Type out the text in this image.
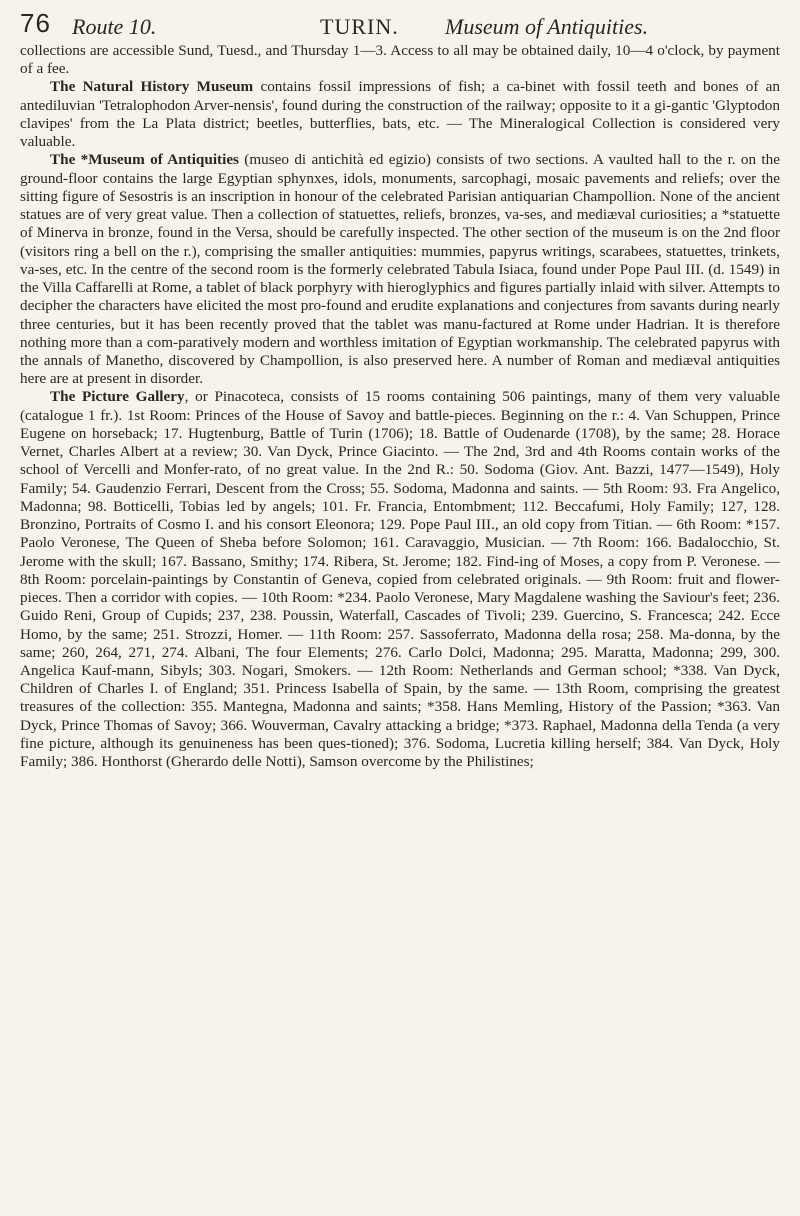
76 Route 10.	TURIN. Museum of Antiquities.

collections are accessible Sund, Tuesd., and Thursday 1—3. Access to all may be obtained daily, 10—4 o'clock, by payment of a fee.

The Natural History Museum contains fossil impressions of fish; a ca-binet with fossil teeth and bones of an antediluvian 'Tetralophodon Arver-nensis', found during the construction of the railway; opposite to it a gi-gantic 'Glyptodon clavipes' from the La Plata district; beetles, butterflies, bats, etc. — The Mineralogical Collection is considered very valuable.

The *Museum of Antiquities (museo di antichità ed egizio) consists of two sections. A vaulted hall to the r. on the ground-floor contains the large Egyptian sphynxes, idols, monuments, sarcophagi, mosaic pavements and reliefs; over the sitting figure of Sesostris is an inscription in honour of the celebrated Parisian antiquarian Champollion. None of the ancient statues are of very great value. Then a collection of statuettes, reliefs, bronzes, va-ses, and mediæval curiosities; a *statuette of Minerva in bronze, found in the Versa, should be carefully inspected. The other section of the museum is on the 2nd floor (visitors ring a bell on the r.), comprising the smaller antiquities: mummies, papyrus writings, scarabees, statuettes, trinkets, va-ses, etc. In the centre of the second room is the formerly celebrated Tabula Isiaca, found under Pope Paul III. (d. 1549) in the Villa Caffarelli at Rome, a tablet of black porphyry with hieroglyphics and figures partially inlaid with silver. Attempts to decipher the characters have elicited the most pro-found and erudite explanations and conjectures from savants during nearly three centuries, but it has been recently proved that the tablet was manu-factured at Rome under Hadrian. It is therefore nothing more than a com-paratively modern and worthless imitation of Egyptian workmanship. The celebrated papyrus with the annals of Manetho, discovered by Champollion, is also preserved here. A number of Roman and mediæval antiquities here are at present in disorder.

The Picture Gallery, or Pinacoteca, consists of 15 rooms containing 506 paintings, many of them very valuable (catalogue 1 fr.). 1st Room: Princes of the House of Savoy and battle-pieces. Beginning on the r.: 4. Van Schuppen, Prince Eugene on horseback; 17. Hugtenburg, Battle of Turin (1706); 18. Battle of Oudenarde (1708), by the same; 28. Horace Vernet, Charles Albert at a review; 30. Van Dyck, Prince Giacinto. — The 2nd, 3rd and 4th Rooms contain works of the school of Vercelli and Monfer-rato, of no great value. In the 2nd R.: 50. Sodoma (Giov. Ant. Bazzi, 1477—1549), Holy Family; 54. Gaudenzio Ferrari, Descent from the Cross; 55. Sodoma, Madonna and saints. — 5th Room: 93. Fra Angelico, Madonna; 98. Botticelli, Tobias led by angels; 101. Fr. Francia, Entombment; 112. Beccafumi, Holy Family; 127, 128. Bronzino, Portraits of Cosmo I. and his consort Eleonora; 129. Pope Paul III., an old copy from Titian. — 6th Room: *157. Paolo Veronese, The Queen of Sheba before Solomon; 161. Caravaggio, Musician. — 7th Room: 166. Badalocchio, St. Jerome with the skull; 167. Bassano, Smithy; 174. Ribera, St. Jerome; 182. Find-ing of Moses, a copy from P. Veronese. — 8th Room: porcelain-paintings by Constantin of Geneva, copied from celebrated originals. — 9th Room: fruit and flower-pieces. Then a corridor with copies. — 10th Room: *234. Paolo Veronese, Mary Magdalene washing the Saviour's feet; 236. Guido Reni, Group of Cupids; 237, 238. Poussin, Waterfall, Cascades of Tivoli; 239. Guercino, S. Francesca; 242. Ecce Homo, by the same; 251. Strozzi, Homer. — 11th Room: 257. Sassoferrato, Madonna della rosa; 258. Ma-donna, by the same; 260, 264, 271, 274. Albani, The four Elements; 276. Carlo Dolci, Madonna; 295. Maratta, Madonna; 299, 300. Angelica Kauf-mann, Sibyls; 303. Nogari, Smokers. — 12th Room: Netherlands and German school; *338. Van Dyck, Children of Charles I. of England; 351. Princess Isabella of Spain, by the same. — 13th Room, comprising the greatest treasures of the collection: 355. Mantegna, Madonna and saints; *358. Hans Memling, History of the Passion; *363. Van Dyck, Prince Thomas of Savoy; 366. Wouverman, Cavalry attacking a bridge; *373. Raphael, Madonna della Tenda (a very fine picture, although its genuineness has been ques-tioned); 376. Sodoma, Lucretia killing herself; 384. Van Dyck, Holy Family; 386. Honthorst (Gherardo delle Notti), Samson overcome by the Philistines;
